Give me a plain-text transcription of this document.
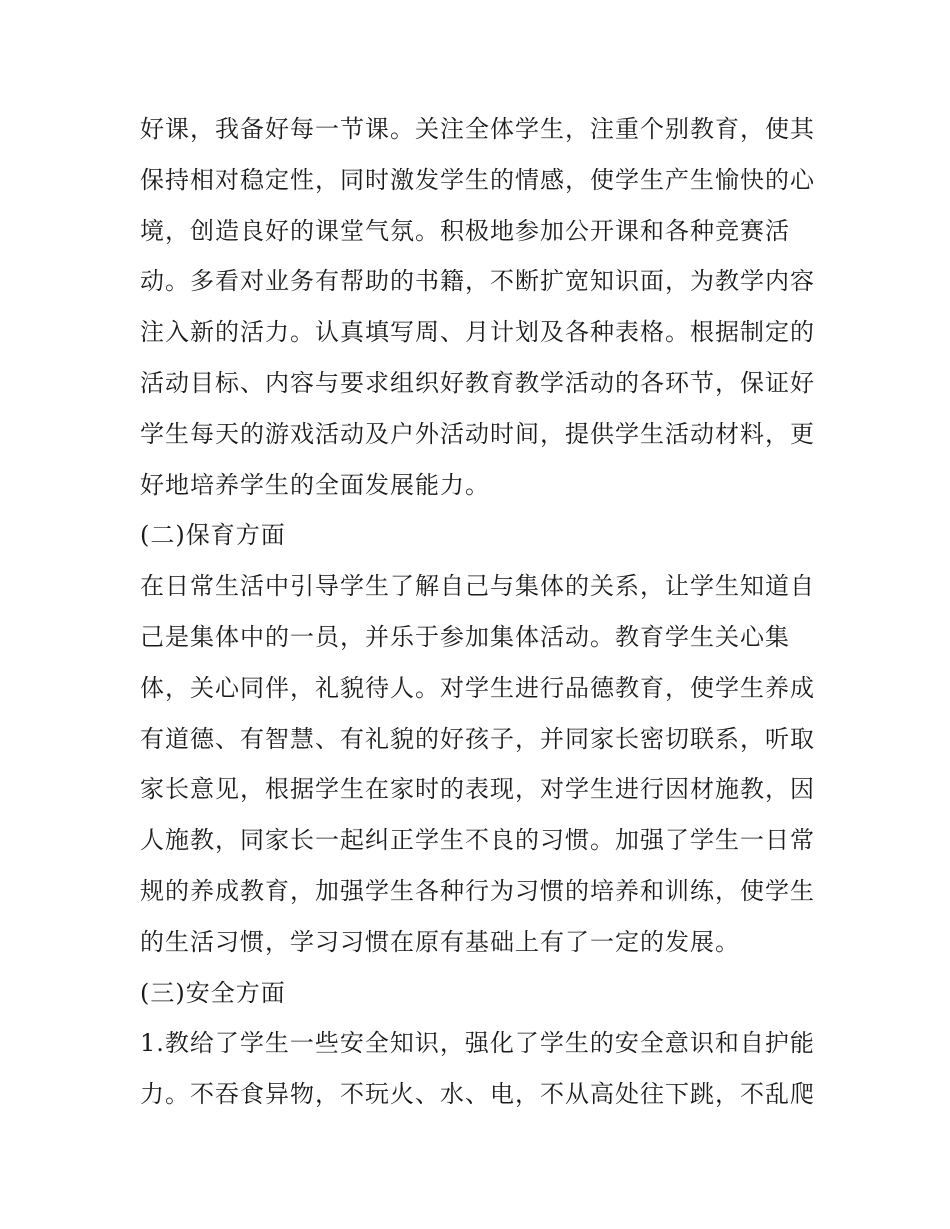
好课，我备好每一节课。关注全体学生，注重个别教育，使其
保持相对稳定性，同时激发学生的情感，使学生产生愉快的心
境，创造良好的课堂气氛。积极地参加公开课和各种竞赛活
动。多看对业务有帮助的书籍，不断扩宽知识面，为教学内容
注入新的活力。认真填写周、月计划及各种表格。根据制定的
活动目标、内容与要求组织好教育教学活动的各环节，保证好
学生每天的游戏活动及户外活动时间，提供学生活动材料，更
好地培养学生的全面发展能力。
(二)保育方面
在日常生活中引导学生了解自己与集体的关系，让学生知道自
己是集体中的一员，并乐于参加集体活动。教育学生关心集
体，关心同伴，礼貌待人。对学生进行品德教育，使学生养成
有道德、有智慧、有礼貌的好孩子，并同家长密切联系，听取
家长意见，根据学生在家时的表现，对学生进行因材施教，因
人施教，同家长一起纠正学生不良的习惯。加强了学生一日常
规的养成教育，加强学生各种行为习惯的培养和训练，使学生
的生活习惯，学习习惯在原有基础上有了一定的发展。
(三)安全方面
1.教给了学生一些安全知识，强化了学生的安全意识和自护能
力。不吞食异物，不玩火、水、电，不从高处往下跳，不乱爬
